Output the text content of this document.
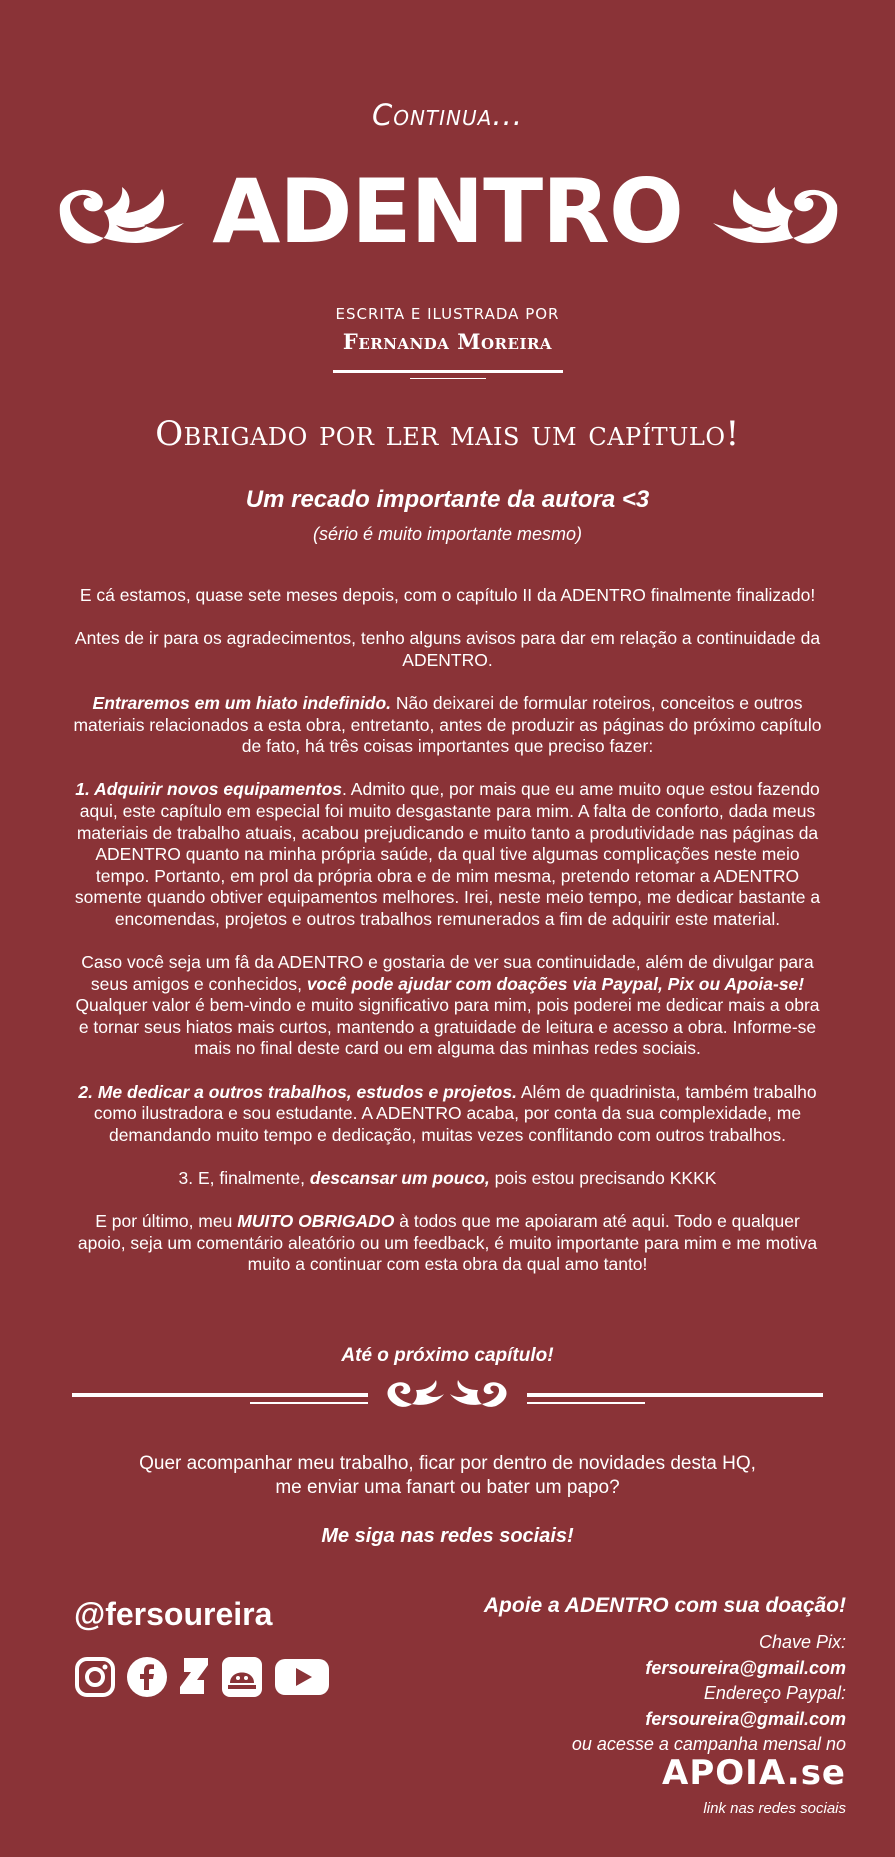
Continua...
ADENTRO
ESCRITA E ILUSTRADA POR
Fernanda Moreira
Obrigado por ler mais um capítulo!
Um recado importante da autora <3
(sério é muito importante mesmo)

E cá estamos, quase sete meses depois, com o capítulo II da ADENTRO finalmente finalizado!

Antes de ir para os agradecimentos, tenho alguns avisos para dar em relação a continuidade da ADENTRO.

Entraremos em um hiato indefinido. Não deixarei de formular roteiros, conceitos e outros materiais relacionados a esta obra, entretanto, antes de produzir as páginas do próximo capítulo de fato, há três coisas importantes que preciso fazer:

1. Adquirir novos equipamentos. Admito que, por mais que eu ame muito oque estou fazendo aqui, este capítulo em especial foi muito desgastante para mim. A falta de conforto, dada meus materiais de trabalho atuais, acabou prejudicando e muito tanto a produtividade nas páginas da ADENTRO quanto na minha própria saúde, da qual tive algumas complicações neste meio tempo. Portanto, em prol da própria obra e de mim mesma, pretendo retomar a ADENTRO somente quando obtiver equipamentos melhores. Irei, neste meio tempo, me dedicar bastante a encomendas, projetos e outros trabalhos remunerados a fim de adquirir este material.

Caso você seja um fâ da ADENTRO e gostaria de ver sua continuidade, além de divulgar para seus amigos e conhecidos, você pode ajudar com doações via Paypal, Pix ou Apoia-se! Qualquer valor é bem-vindo e muito significativo para mim, pois poderei me dedicar mais a obra e tornar seus hiatos mais curtos, mantendo a gratuidade de leitura e acesso a obra. Informe-se mais no final deste card ou em alguma das minhas redes sociais.

2. Me dedicar a outros trabalhos, estudos e projetos. Além de quadrinista, também trabalho como ilustradora e sou estudante. A ADENTRO acaba, por conta da sua complexidade, me demandando muito tempo e dedicação, muitas vezes conflitando com outros trabalhos.

3. E, finalmente, descansar um pouco, pois estou precisando KKKK

E por último, meu MUITO OBRIGADO à todos que me apoiaram até aqui. Todo e qualquer apoio, seja um comentário aleatório ou um feedback, é muito importante para mim e me motiva muito a continuar com esta obra da qual amo tanto!

Até o próximo capítulo!
Quer acompanhar meu trabalho, ficar por dentro de novidades desta HQ,
me enviar uma fanart ou bater um papo?
Me siga nas redes sociais!
@fersoureira	Apoie a ADENTRO com sua doação!
Chave Pix:
fersoureira@gmail.com
Endereço Paypal:
fersoureira@gmail.com
ou acesse a campanha mensal no
APOIA.se
link nas redes sociais
